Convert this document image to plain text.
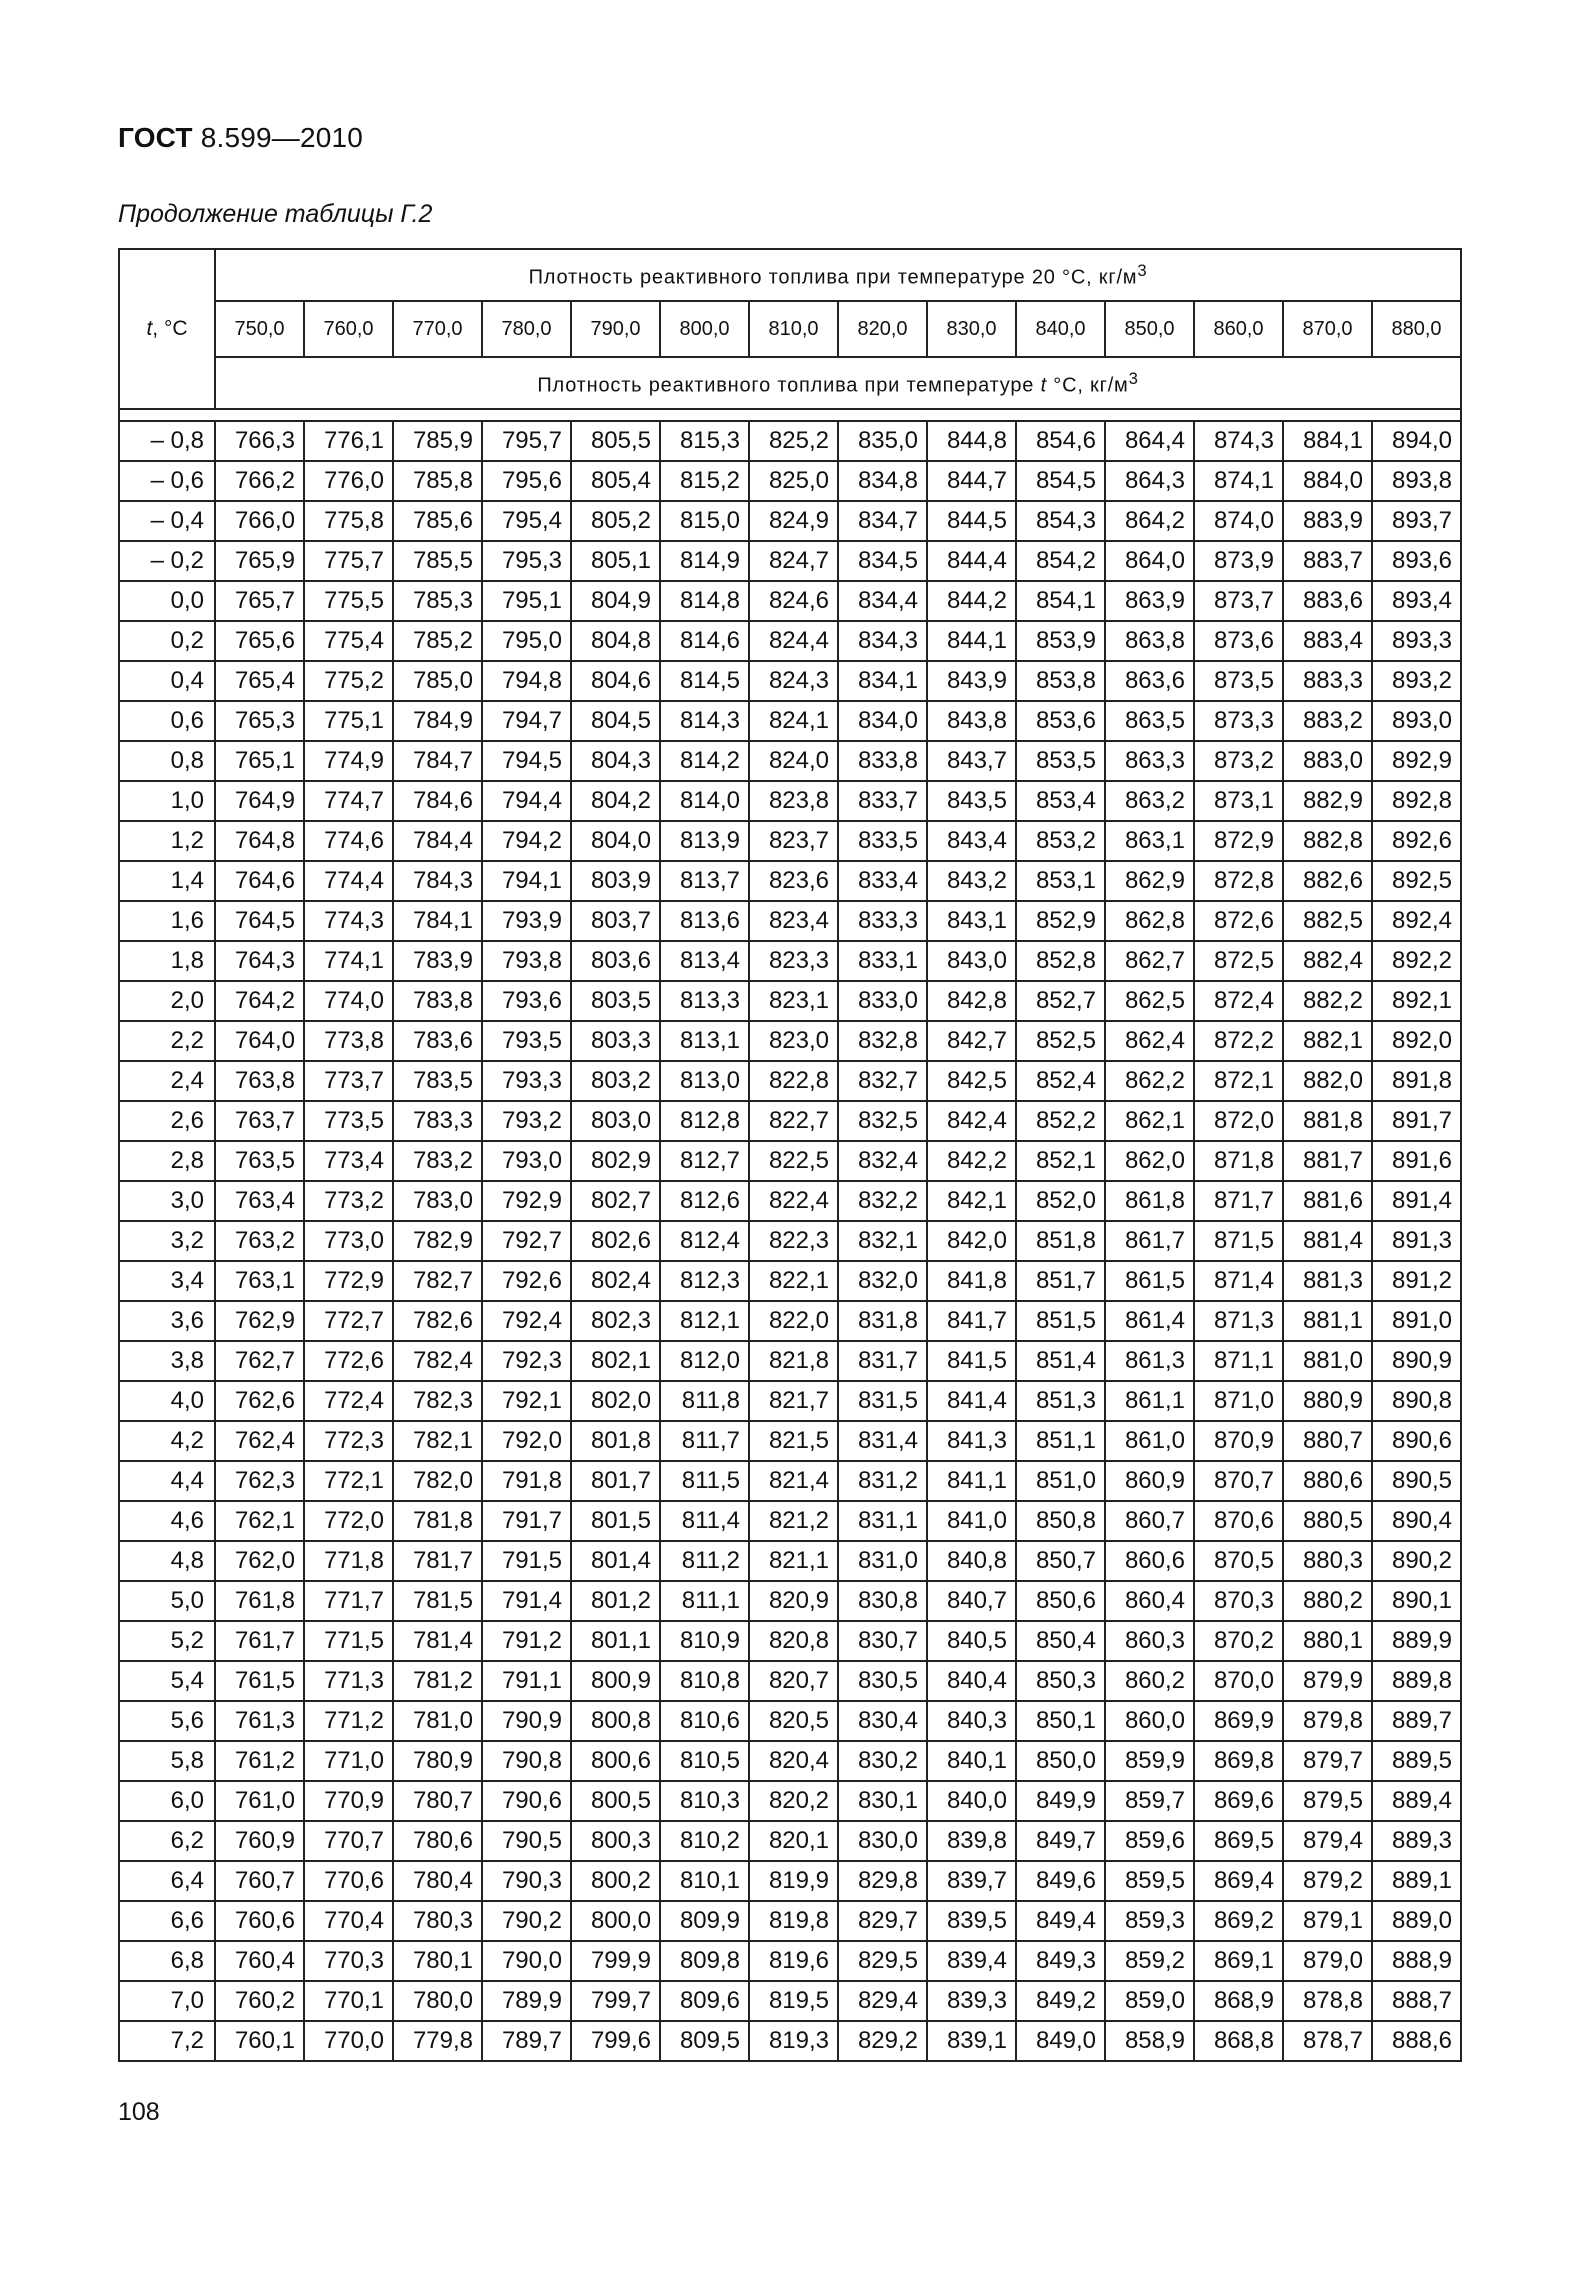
ГОСТ 8.599—2010
Продолжение таблицы Г.2
t, °С	Плотность реактивного топлива при температуре 20 °С, $кг/м^3$
	750,0	760,0	770,0	780,0	790,0	800,0	810,0	820,0	830,0	840,0	850,0	860,0	870,0	880,0
	Плотность реактивного топлива при температуре t °С, $кг/м^3$

– 0,8	766,3	776,1	785,9	795,7	805,5	815,3	825,2	835,0	844,8	854,6	864,4	874,3	884,1	894,0
– 0,6	766,2	776,0	785,8	795,6	805,4	815,2	825,0	834,8	844,7	854,5	864,3	874,1	884,0	893,8
– 0,4	766,0	775,8	785,6	795,4	805,2	815,0	824,9	834,7	844,5	854,3	864,2	874,0	883,9	893,7
– 0,2	765,9	775,7	785,5	795,3	805,1	814,9	824,7	834,5	844,4	854,2	864,0	873,9	883,7	893,6
0,0	765,7	775,5	785,3	795,1	804,9	814,8	824,6	834,4	844,2	854,1	863,9	873,7	883,6	893,4
0,2	765,6	775,4	785,2	795,0	804,8	814,6	824,4	834,3	844,1	853,9	863,8	873,6	883,4	893,3
0,4	765,4	775,2	785,0	794,8	804,6	814,5	824,3	834,1	843,9	853,8	863,6	873,5	883,3	893,2
0,6	765,3	775,1	784,9	794,7	804,5	814,3	824,1	834,0	843,8	853,6	863,5	873,3	883,2	893,0
0,8	765,1	774,9	784,7	794,5	804,3	814,2	824,0	833,8	843,7	853,5	863,3	873,2	883,0	892,9
1,0	764,9	774,7	784,6	794,4	804,2	814,0	823,8	833,7	843,5	853,4	863,2	873,1	882,9	892,8
1,2	764,8	774,6	784,4	794,2	804,0	813,9	823,7	833,5	843,4	853,2	863,1	872,9	882,8	892,6
1,4	764,6	774,4	784,3	794,1	803,9	813,7	823,6	833,4	843,2	853,1	862,9	872,8	882,6	892,5
1,6	764,5	774,3	784,1	793,9	803,7	813,6	823,4	833,3	843,1	852,9	862,8	872,6	882,5	892,4
1,8	764,3	774,1	783,9	793,8	803,6	813,4	823,3	833,1	843,0	852,8	862,7	872,5	882,4	892,2
2,0	764,2	774,0	783,8	793,6	803,5	813,3	823,1	833,0	842,8	852,7	862,5	872,4	882,2	892,1
2,2	764,0	773,8	783,6	793,5	803,3	813,1	823,0	832,8	842,7	852,5	862,4	872,2	882,1	892,0
2,4	763,8	773,7	783,5	793,3	803,2	813,0	822,8	832,7	842,5	852,4	862,2	872,1	882,0	891,8
2,6	763,7	773,5	783,3	793,2	803,0	812,8	822,7	832,5	842,4	852,2	862,1	872,0	881,8	891,7
2,8	763,5	773,4	783,2	793,0	802,9	812,7	822,5	832,4	842,2	852,1	862,0	871,8	881,7	891,6
3,0	763,4	773,2	783,0	792,9	802,7	812,6	822,4	832,2	842,1	852,0	861,8	871,7	881,6	891,4
3,2	763,2	773,0	782,9	792,7	802,6	812,4	822,3	832,1	842,0	851,8	861,7	871,5	881,4	891,3
3,4	763,1	772,9	782,7	792,6	802,4	812,3	822,1	832,0	841,8	851,7	861,5	871,4	881,3	891,2
3,6	762,9	772,7	782,6	792,4	802,3	812,1	822,0	831,8	841,7	851,5	861,4	871,3	881,1	891,0
3,8	762,7	772,6	782,4	792,3	802,1	812,0	821,8	831,7	841,5	851,4	861,3	871,1	881,0	890,9
4,0	762,6	772,4	782,3	792,1	802,0	811,8	821,7	831,5	841,4	851,3	861,1	871,0	880,9	890,8
4,2	762,4	772,3	782,1	792,0	801,8	811,7	821,5	831,4	841,3	851,1	861,0	870,9	880,7	890,6
4,4	762,3	772,1	782,0	791,8	801,7	811,5	821,4	831,2	841,1	851,0	860,9	870,7	880,6	890,5
4,6	762,1	772,0	781,8	791,7	801,5	811,4	821,2	831,1	841,0	850,8	860,7	870,6	880,5	890,4
4,8	762,0	771,8	781,7	791,5	801,4	811,2	821,1	831,0	840,8	850,7	860,6	870,5	880,3	890,2
5,0	761,8	771,7	781,5	791,4	801,2	811,1	820,9	830,8	840,7	850,6	860,4	870,3	880,2	890,1
5,2	761,7	771,5	781,4	791,2	801,1	810,9	820,8	830,7	840,5	850,4	860,3	870,2	880,1	889,9
5,4	761,5	771,3	781,2	791,1	800,9	810,8	820,7	830,5	840,4	850,3	860,2	870,0	879,9	889,8
5,6	761,3	771,2	781,0	790,9	800,8	810,6	820,5	830,4	840,3	850,1	860,0	869,9	879,8	889,7
5,8	761,2	771,0	780,9	790,8	800,6	810,5	820,4	830,2	840,1	850,0	859,9	869,8	879,7	889,5
6,0	761,0	770,9	780,7	790,6	800,5	810,3	820,2	830,1	840,0	849,9	859,7	869,6	879,5	889,4
6,2	760,9	770,7	780,6	790,5	800,3	810,2	820,1	830,0	839,8	849,7	859,6	869,5	879,4	889,3
6,4	760,7	770,6	780,4	790,3	800,2	810,1	819,9	829,8	839,7	849,6	859,5	869,4	879,2	889,1
6,6	760,6	770,4	780,3	790,2	800,0	809,9	819,8	829,7	839,5	849,4	859,3	869,2	879,1	889,0
6,8	760,4	770,3	780,1	790,0	799,9	809,8	819,6	829,5	839,4	849,3	859,2	869,1	879,0	888,9
7,0	760,2	770,1	780,0	789,9	799,7	809,6	819,5	829,4	839,3	849,2	859,0	868,9	878,8	888,7
7,2	760,1	770,0	779,8	789,7	799,6	809,5	819,3	829,2	839,1	849,0	858,9	868,8	878,7	888,6
108
